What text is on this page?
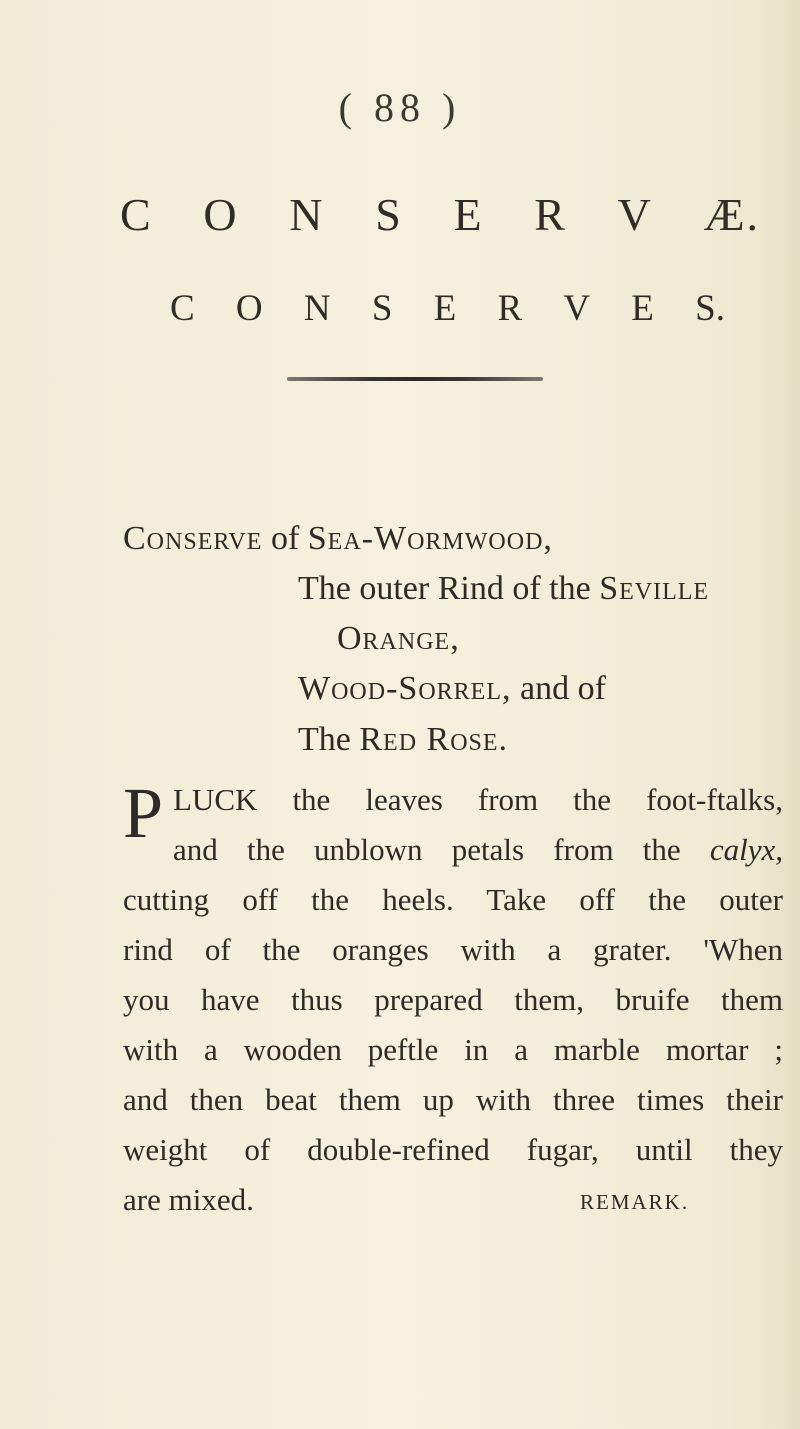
( 88 )
C O N S E R V Æ.
C O N S E R V E S.
Conserve of Sea-Wormwood,
The outer Rind of the Seville
Orange,
Wood-Sorrel, and of
The Red Rose.
P LUCK the leaves from the foot-ftalks,
and the unblown petals from the calyx,
cutting off the heels. Take off the outer
rind of the oranges with a grater. 'When
you have thus prepared them, bruife them
with a wooden peftle in a marble mortar ;
and then beat them up with three times their
weight of double-refined fugar, until they
are mixed.	REMARK.
